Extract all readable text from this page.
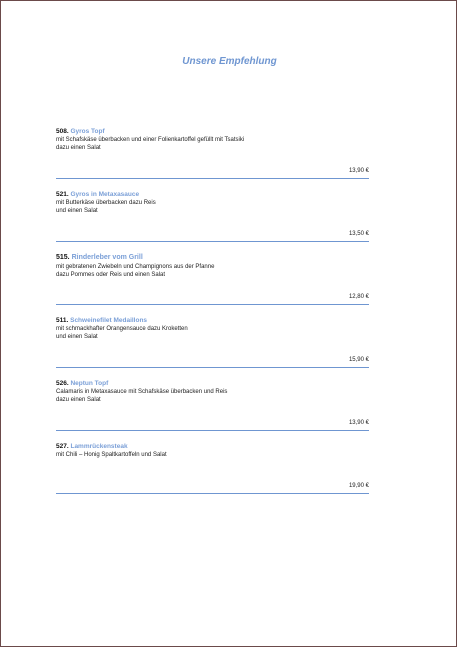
Unsere Empfehlung
508. Gyros Topf
mit Schafskäse überbacken und einer Folienkartoffel gefüllt mit Tsatsiki
dazu einen Salat
13,90 €
521. Gyros in Metaxasauce
mit Butterkäse überbacken dazu Reis
und einen Salat
13,50 €
515. Rinderleber vom Grill
mit gebratenen Zwiebeln und Champignons aus der Pfanne
dazu Pommes oder Reis und einen Salat
12,80 €
511. Schweinefilet Medaillons
mit schmackhafter Orangensauce dazu Kroketten
und einen Salat
15,90 €
526. Neptun Topf
Calamaris in Metaxasauce mit Schafskäse überbacken und Reis
dazu einen Salat
13,90 €
527. Lammrückensteak
mit Chili – Honig Spaltkartoffeln und Salat
19,90 €
